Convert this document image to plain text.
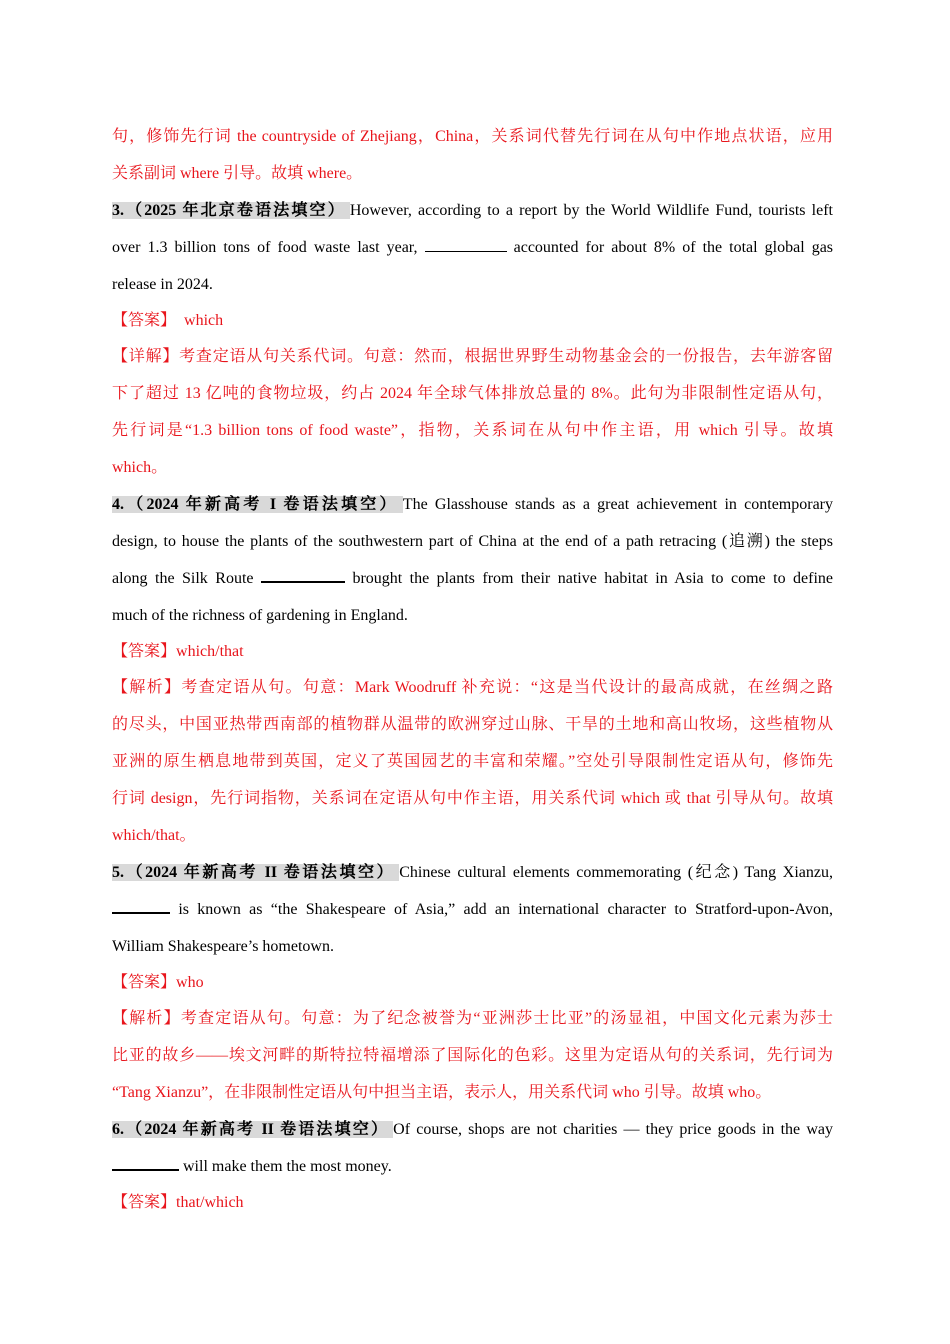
句，修饰先行词 the countryside of Zhejiang，China，关系词代替先行词在从句中作地点状语，应用
关系副词 where 引导。故填 where。
3.（2025 年北京卷语法填空） However, according to a report by the World Wildlife Fund, tourists left
over 1.3 billion tons of food waste last year,	accounted for about 8% of the total global gas
release in 2024.
【答案】 which
【详解】考查定语从句关系代词。句意：然而，根据世界野生动物基金会的一份报告，去年游客留
下了超过 13 亿吨的食物垃圾，约占 2024 年全球气体排放总量的 8%。此句为非限制性定语从句，
先行词是“1.3 billion tons of food waste”，指物，关系词在从句中作主语，用 which 引导。故填
which。
4.（2024 年新高考 I 卷语法填空） The Glasshouse stands as a great achievement in contemporary
design, to house the plants of the southwestern part of China at the end of a path retracing (追溯) the steps
along the Silk Route	brought the plants from their native habitat in Asia to come to define
much of the richness of gardening in England.
【答案】which/that
【解析】考查定语从句。句意：Mark Woodruff 补充说：“这是当代设计的最高成就，在丝绸之路
的尽头，中国亚热带西南部的植物群从温带的欧洲穿过山脉、干旱的土地和高山牧场，这些植物从
亚洲的原生栖息地带到英国，定义了英国园艺的丰富和荣耀。”空处引导限制性定语从句，修饰先
行词 design，先行词指物，关系词在定语从句中作主语，用关系代词 which 或 that 引导从句。故填
which/that。
5.（2024 年新高考 II 卷语法填空） Chinese cultural elements commemorating (纪念) Tang Xianzu,
is known as “the Shakespeare of Asia,” add an international character to Stratford-upon-Avon,
William Shakespeare’s hometown.
【答案】who
【解析】考查定语从句。句意：为了纪念被誉为“亚洲莎士比亚”的汤显祖，中国文化元素为莎士
比亚的故乡——埃文河畔的斯特拉特福增添了国际化的色彩。这里为定语从句的关系词，先行词为
“Tang Xianzu”，在非限制性定语从句中担当主语，表示人，用关系代词 who 引导。故填 who。
6.（2024 年新高考 II 卷语法填空） Of course, shops are not charities — they price goods in the way
will make them the most money.
【答案】that/which
